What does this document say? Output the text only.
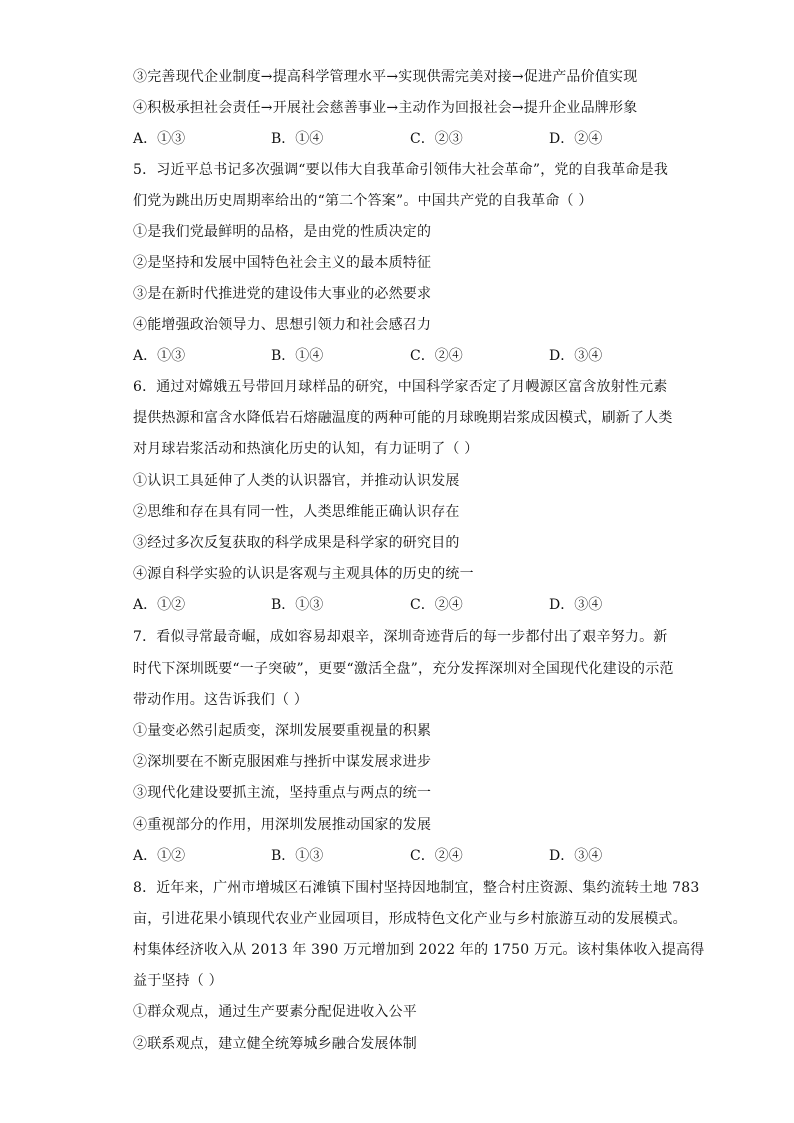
③完善现代企业制度→提高科学管理水平→实现供需完美对接→促进产品价值实现
④积极承担社会责任→开展社会慈善事业→主动作为回报社会→提升企业品牌形象
A．①③	B．①④	C．②③	D．②④
5．习近平总书记多次强调“要以伟大自我革命引领伟大社会革命”，党的自我革命是我
们党为跳出历史周期率给出的“第二个答案”。中国共产党的自我革命（ ）
①是我们党最鲜明的品格，是由党的性质决定的
②是坚持和发展中国特色社会主义的最本质特征
③是在新时代推进党的建设伟大事业的必然要求
④能增强政治领导力、思想引领力和社会感召力
A．①③	B．①④	C．②④	D．③④
6．通过对嫦娥五号带回月球样品的研究，中国科学家否定了月幔源区富含放射性元素
提供热源和富含水降低岩石熔融温度的两种可能的月球晚期岩浆成因模式，刷新了人类
对月球岩浆活动和热演化历史的认知，有力证明了（ ）
①认识工具延伸了人类的认识器官，并推动认识发展
②思维和存在具有同一性，人类思维能正确认识存在
③经过多次反复获取的科学成果是科学家的研究目的
④源自科学实验的认识是客观与主观具体的历史的统一
A．①②	B．①③	C．②④	D．③④
7．看似寻常最奇崛，成如容易却艰辛，深圳奇迹背后的每一步都付出了艰辛努力。新
时代下深圳既要“一子突破”，更要“激活全盘”，充分发挥深圳对全国现代化建设的示范
带动作用。这告诉我们（ ）
①量变必然引起质变，深圳发展要重视量的积累
②深圳要在不断克服困难与挫折中谋发展求进步
③现代化建设要抓主流，坚持重点与两点的统一
④重视部分的作用，用深圳发展推动国家的发展
A．①②	B．①③	C．②④	D．③④
8．近年来，广州市增城区石滩镇下围村坚持因地制宜，整合村庄资源、集约流转土地 783
亩，引进花果小镇现代农业产业园项目，形成特色文化产业与乡村旅游互动的发展模式。
村集体经济收入从 2013 年 390 万元增加到 2022 年的 1750 万元。该村集体收入提高得
益于坚持（ ）
①群众观点，通过生产要素分配促进收入公平
②联系观点，建立健全统筹城乡融合发展体制
